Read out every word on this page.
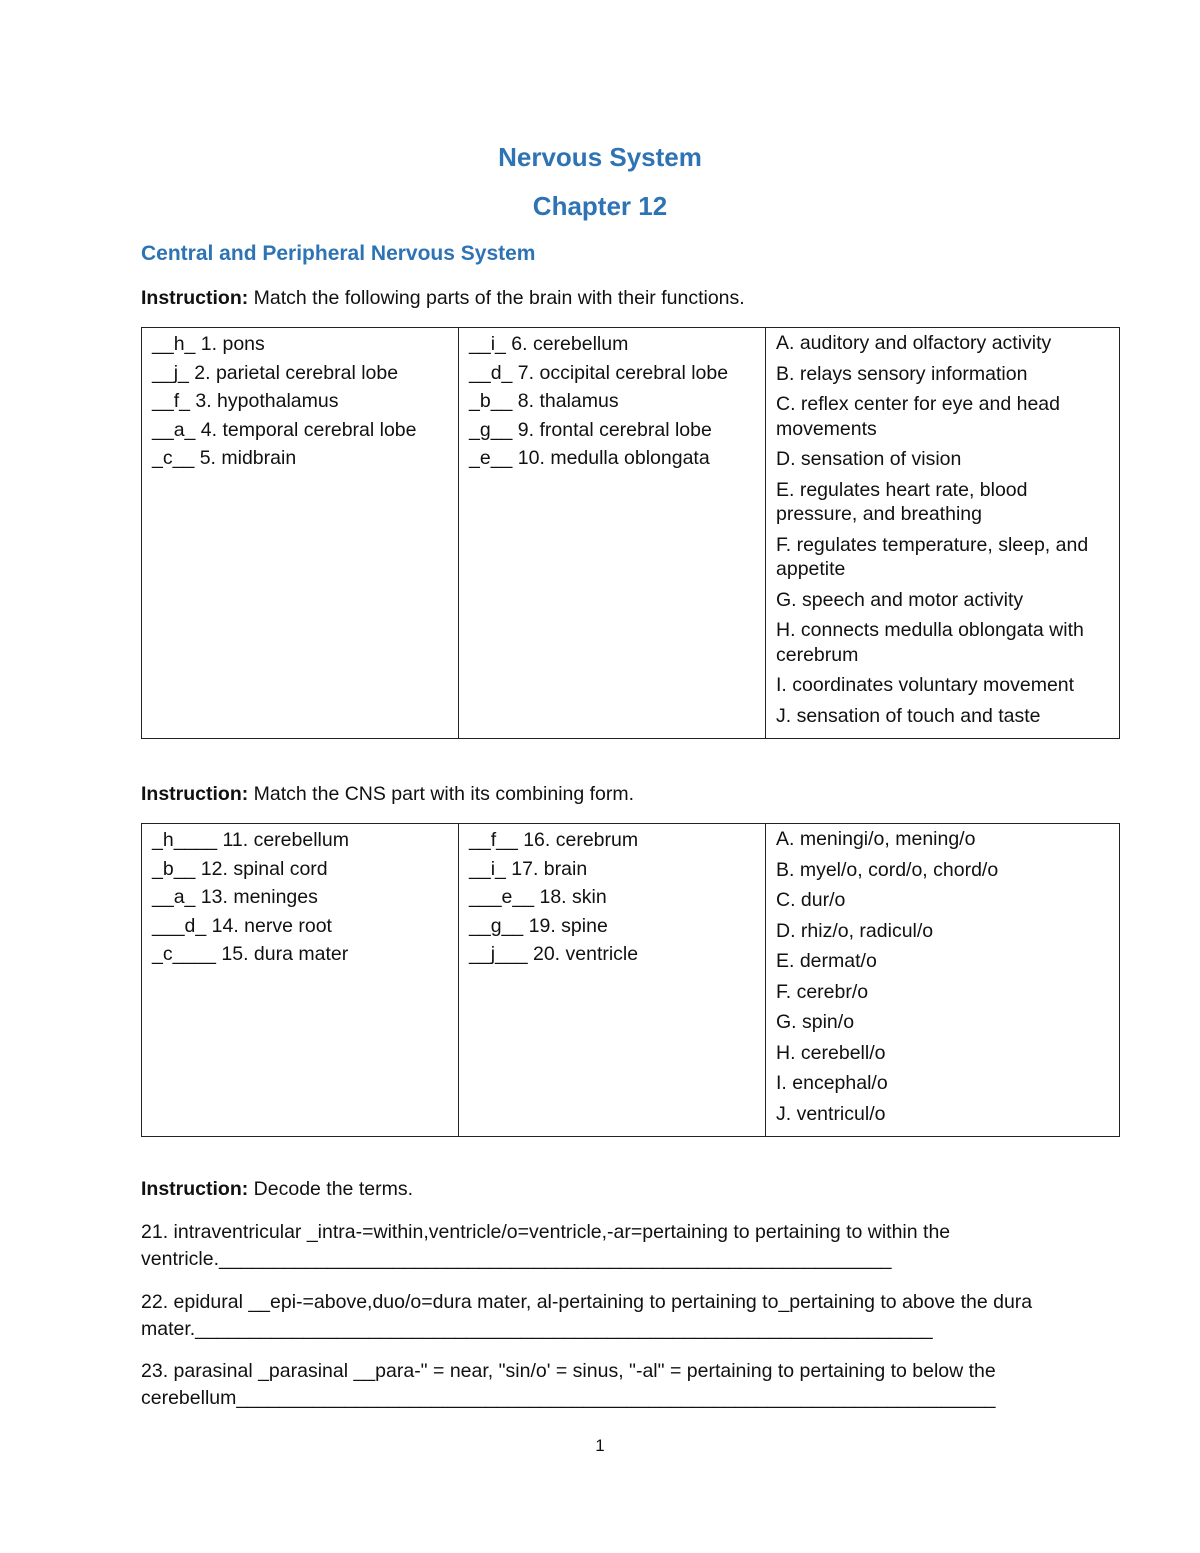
Nervous System
Chapter 12
Central and Peripheral Nervous System
Instruction: Match the following parts of the brain with their functions.
__h_ 1. pons
__j_ 2. parietal cerebral lobe
__f_ 3. hypothalamus
__a_ 4. temporal cerebral lobe
_c__ 5. midbrain

__i_ 6. cerebellum
__d_ 7. occipital cerebral lobe
_b__ 8. thalamus
_g__ 9. frontal cerebral lobe
_e__ 10. medulla oblongata

A. auditory and olfactory activity
B. relays sensory information
C. reflex center for eye and head movements
D. sensation of vision
E. regulates heart rate, blood pressure, and breathing
F. regulates temperature, sleep, and appetite
G. speech and motor activity
H. connects medulla oblongata with cerebrum
I. coordinates voluntary movement
J. sensation of touch and taste
Instruction: Match the CNS part with its combining form.
_h____ 11. cerebellum
_b__ 12. spinal cord
__a_ 13. meninges
___d_ 14. nerve root
_c____ 15. dura mater

__f__ 16. cerebrum
__i_ 17. brain
___e__ 18. skin
__g__ 19. spine
__j___ 20. ventricle

A. meningi/o, mening/o
B. myel/o, cord/o, chord/o
C. dur/o
D. rhiz/o, radicul/o
E. dermat/o
F. cerebr/o
G. spin/o
H. cerebell/o
I. encephal/o
J. ventricul/o
Instruction: Decode the terms.
21. intraventricular _intra-=within,ventricle/o=ventricle,-ar=pertaining to pertaining to within the ventricle.______________________________________________________________
22. epidural __epi-=above,duo/o=dura mater, al-pertaining to pertaining to_pertaining to above the dura mater.____________________________________________________________________
23. parasinal _parasinal __para-" = near, "sin/o' = sinus, "-al" = pertaining to pertaining to below the cerebellum______________________________________________________________________
1
